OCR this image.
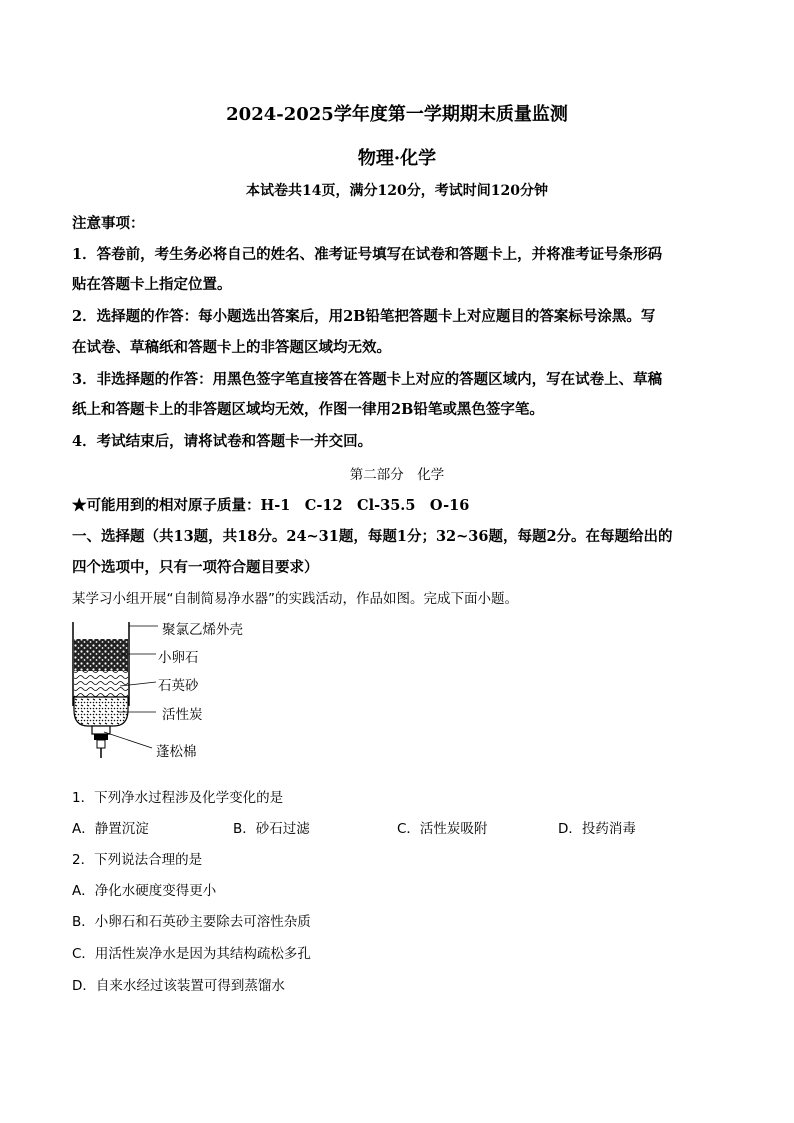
2024-2025学年度第一学期期末质量监测
物理·化学
本试卷共14页，满分120分，考试时间120分钟
注意事项：
1．答卷前，考生务必将自己的姓名、准考证号填写在试卷和答题卡上，并将准考证号条形码
贴在答题卡上指定位置。
2．选择题的作答：每小题选出答案后，用2B铅笔把答题卡上对应题目的答案标号涂黑。写
在试卷、草稿纸和答题卡上的非答题区域均无效。
3．非选择题的作答：用黑色签字笔直接答在答题卡上对应的答题区域内，写在试卷上、草稿
纸上和答题卡上的非答题区域均无效，作图一律用2B铅笔或黑色签字笔。
4．考试结束后，请将试卷和答题卡一并交回。
第二部分　化学
★可能用到的相对原子质量：H-1　C-12　Cl-35.5　O-16
一、选择题（共13题，共18分。24~31题，每题1分；32~36题，每题2分。在每题给出的
四个选项中，只有一项符合题目要求）
某学习小组开展“自制简易净水器”的实践活动，作品如图。完成下面小题。
聚氯乙烯外壳
小卵石
石英砂
活性炭
蓬松棉
1．下列净水过程涉及化学变化的是
A．静置沉淀	B．砂石过滤	C．活性炭吸附	D．投药消毒
2．下列说法合理的是
A．净化水硬度变得更小
B．小卵石和石英砂主要除去可溶性杂质
C．用活性炭净水是因为其结构疏松多孔
D．自来水经过该装置可得到蒸馏水
